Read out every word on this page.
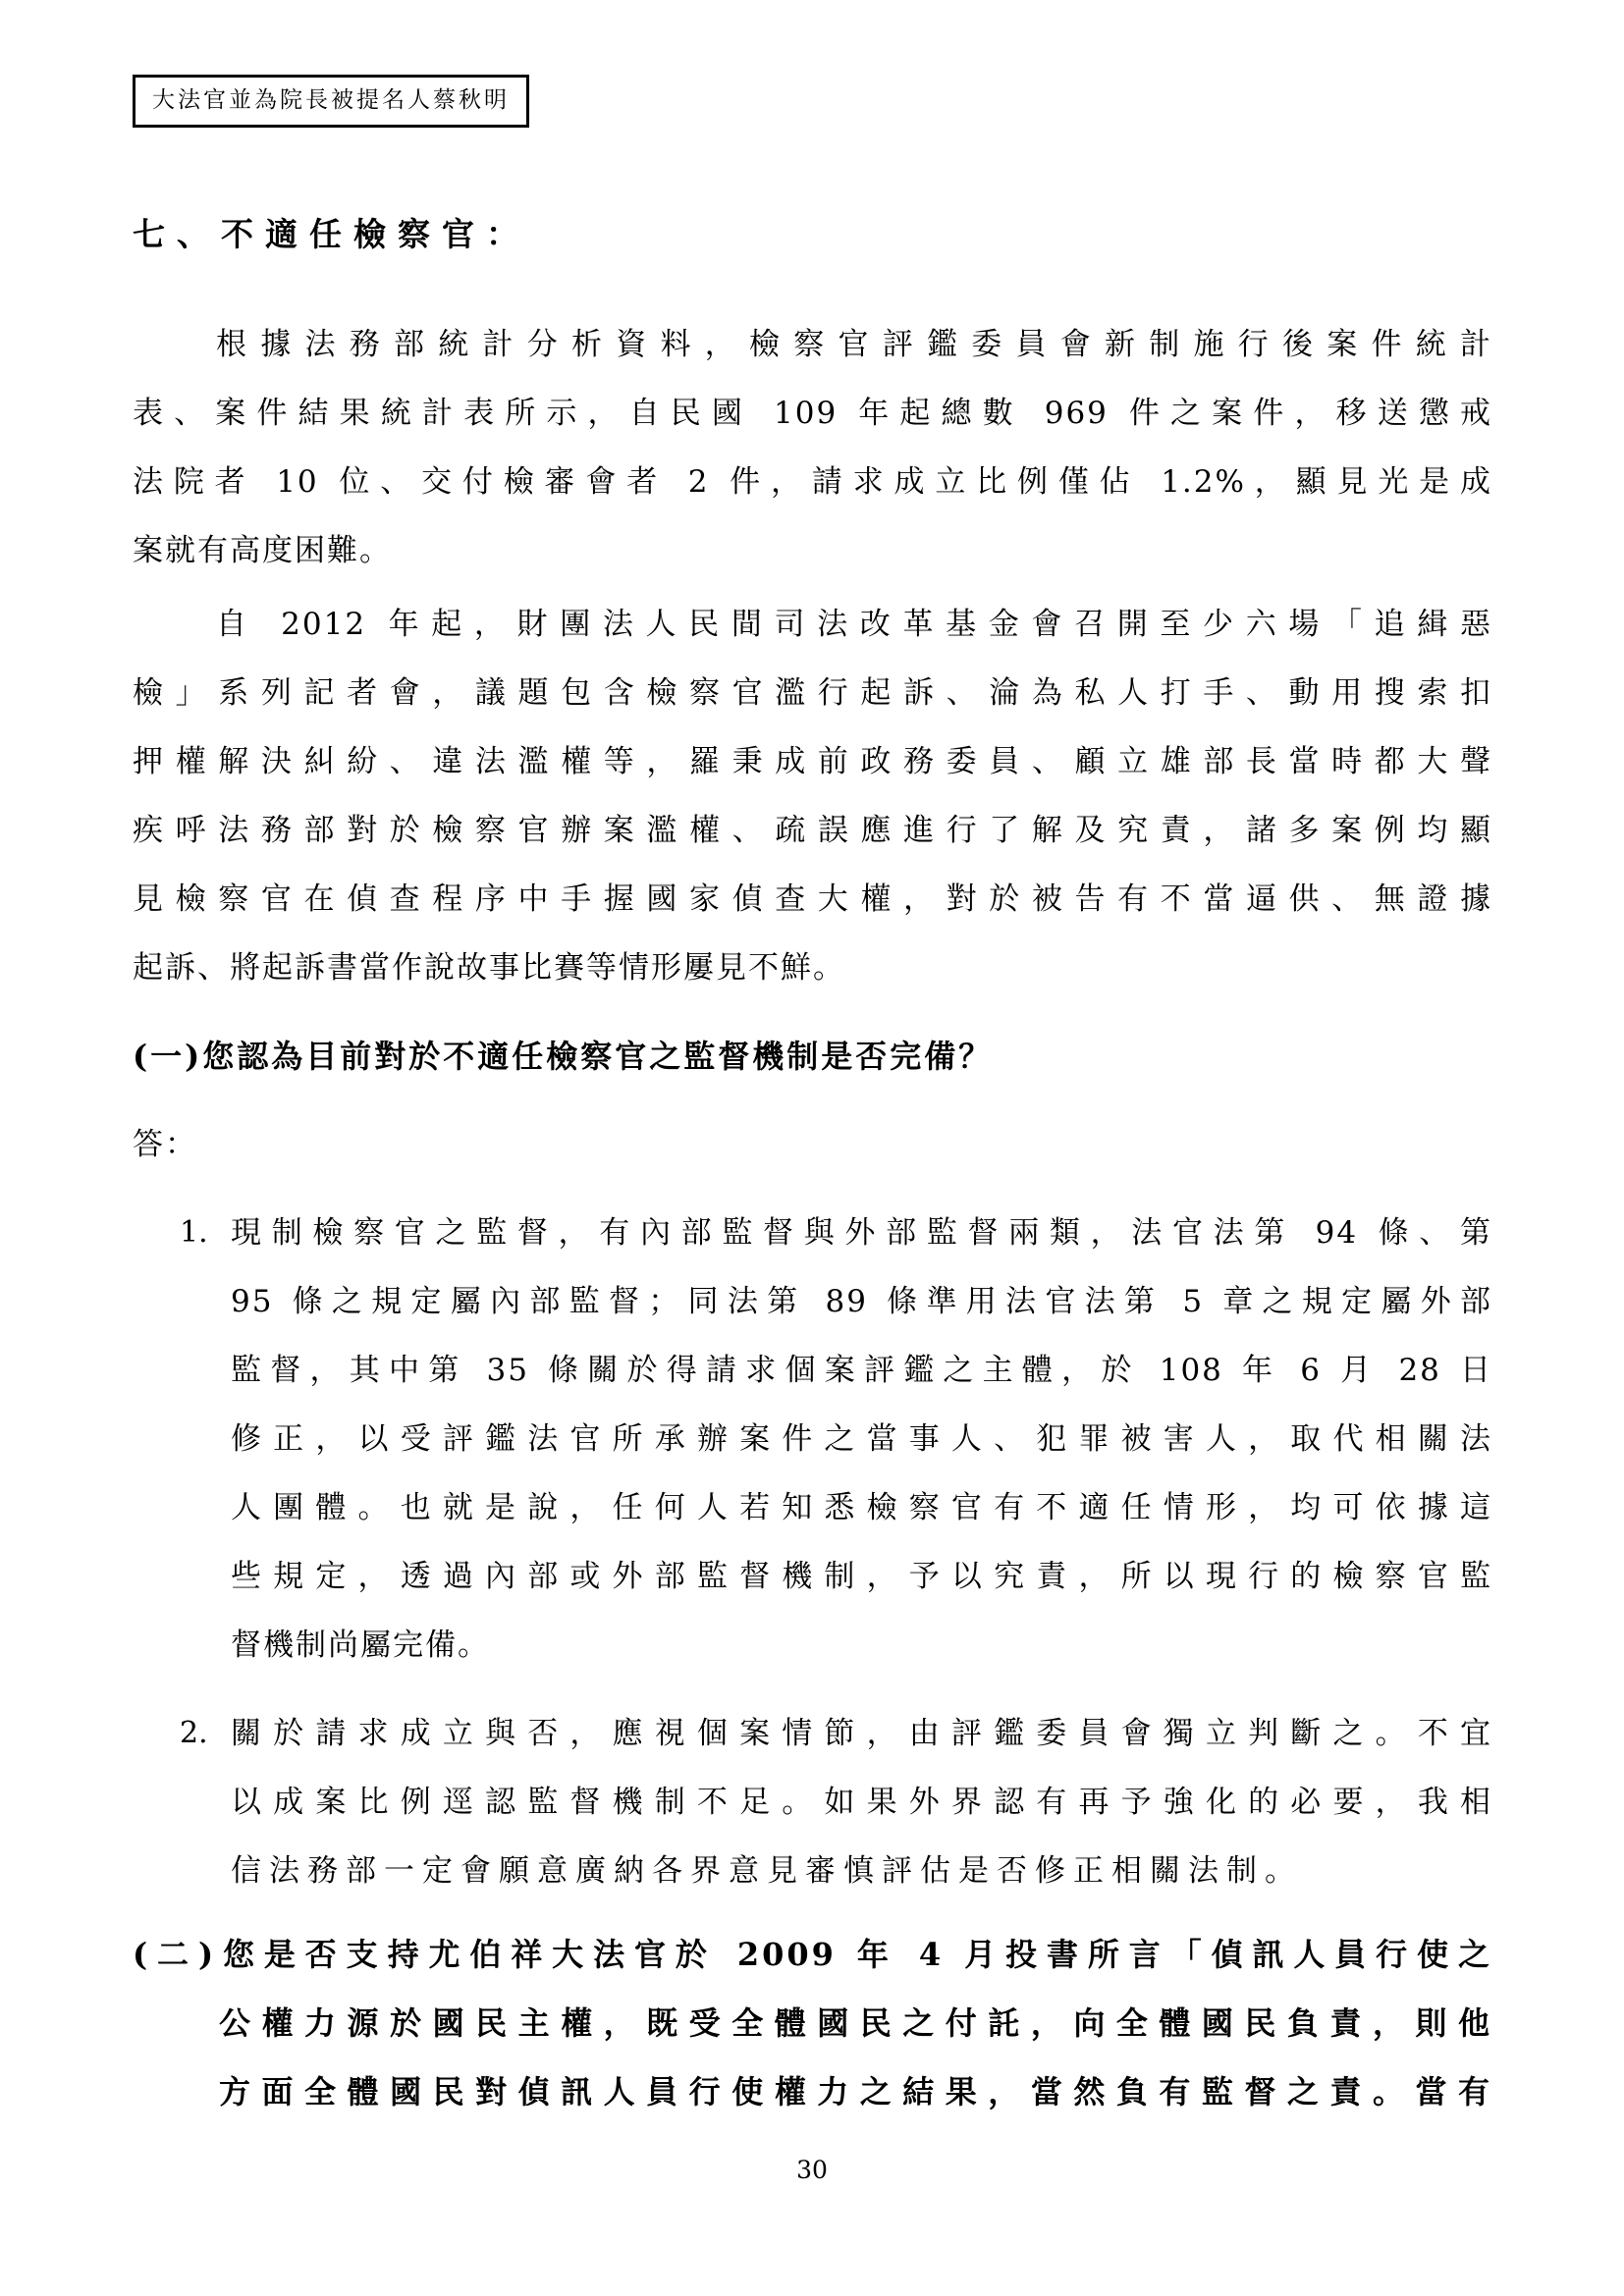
大法官並為院長被提名人蔡秋明
七、不適任檢察官：
根據法務部統計分析資料，檢察官評鑑委員會新制施行後案件統計
表、案件結果統計表所示，自民國 109 年起總數 969 件之案件，移送懲戒
法院者 10 位、交付檢審會者 2 件，請求成立比例僅佔 1.2%，顯見光是成
案就有高度困難。
自 2012 年起，財團法人民間司法改革基金會召開至少六場「追緝惡
檢」系列記者會，議題包含檢察官濫行起訴、淪為私人打手、動用搜索扣
押權解決糾紛、違法濫權等，羅秉成前政務委員、顧立雄部長當時都大聲
疾呼法務部對於檢察官辦案濫權、疏誤應進行了解及究責，諸多案例均顯
見檢察官在偵查程序中手握國家偵查大權，對於被告有不當逼供、無證據
起訴、將起訴書當作說故事比賽等情形屢見不鮮。
(一)您認為目前對於不適任檢察官之監督機制是否完備？
答：
1. 現制檢察官之監督，有內部監督與外部監督兩類，法官法第 94 條、第
95 條之規定屬內部監督；同法第 89 條準用法官法第 5 章之規定屬外部
監督，其中第 35 條關於得請求個案評鑑之主體，於 108 年 6 月 28 日
修正，以受評鑑法官所承辦案件之當事人、犯罪被害人，取代相關法
人團體。也就是說，任何人若知悉檢察官有不適任情形，均可依據這
些規定，透過內部或外部監督機制，予以究責，所以現行的檢察官監
督機制尚屬完備。
2. 關於請求成立與否，應視個案情節，由評鑑委員會獨立判斷之。不宜
以成案比例逕認監督機制不足。如果外界認有再予強化的必要，我相
信法務部一定會願意廣納各界意見審慎評估是否修正相關法制。
(二)您是否支持尤伯祥大法官於 2009 年 4 月投書所言「偵訊人員行使之
公權力源於國民主權，既受全體國民之付託，向全體國民負責，則他
方面全體國民對偵訊人員行使權力之結果，當然負有監督之責。當有
30
